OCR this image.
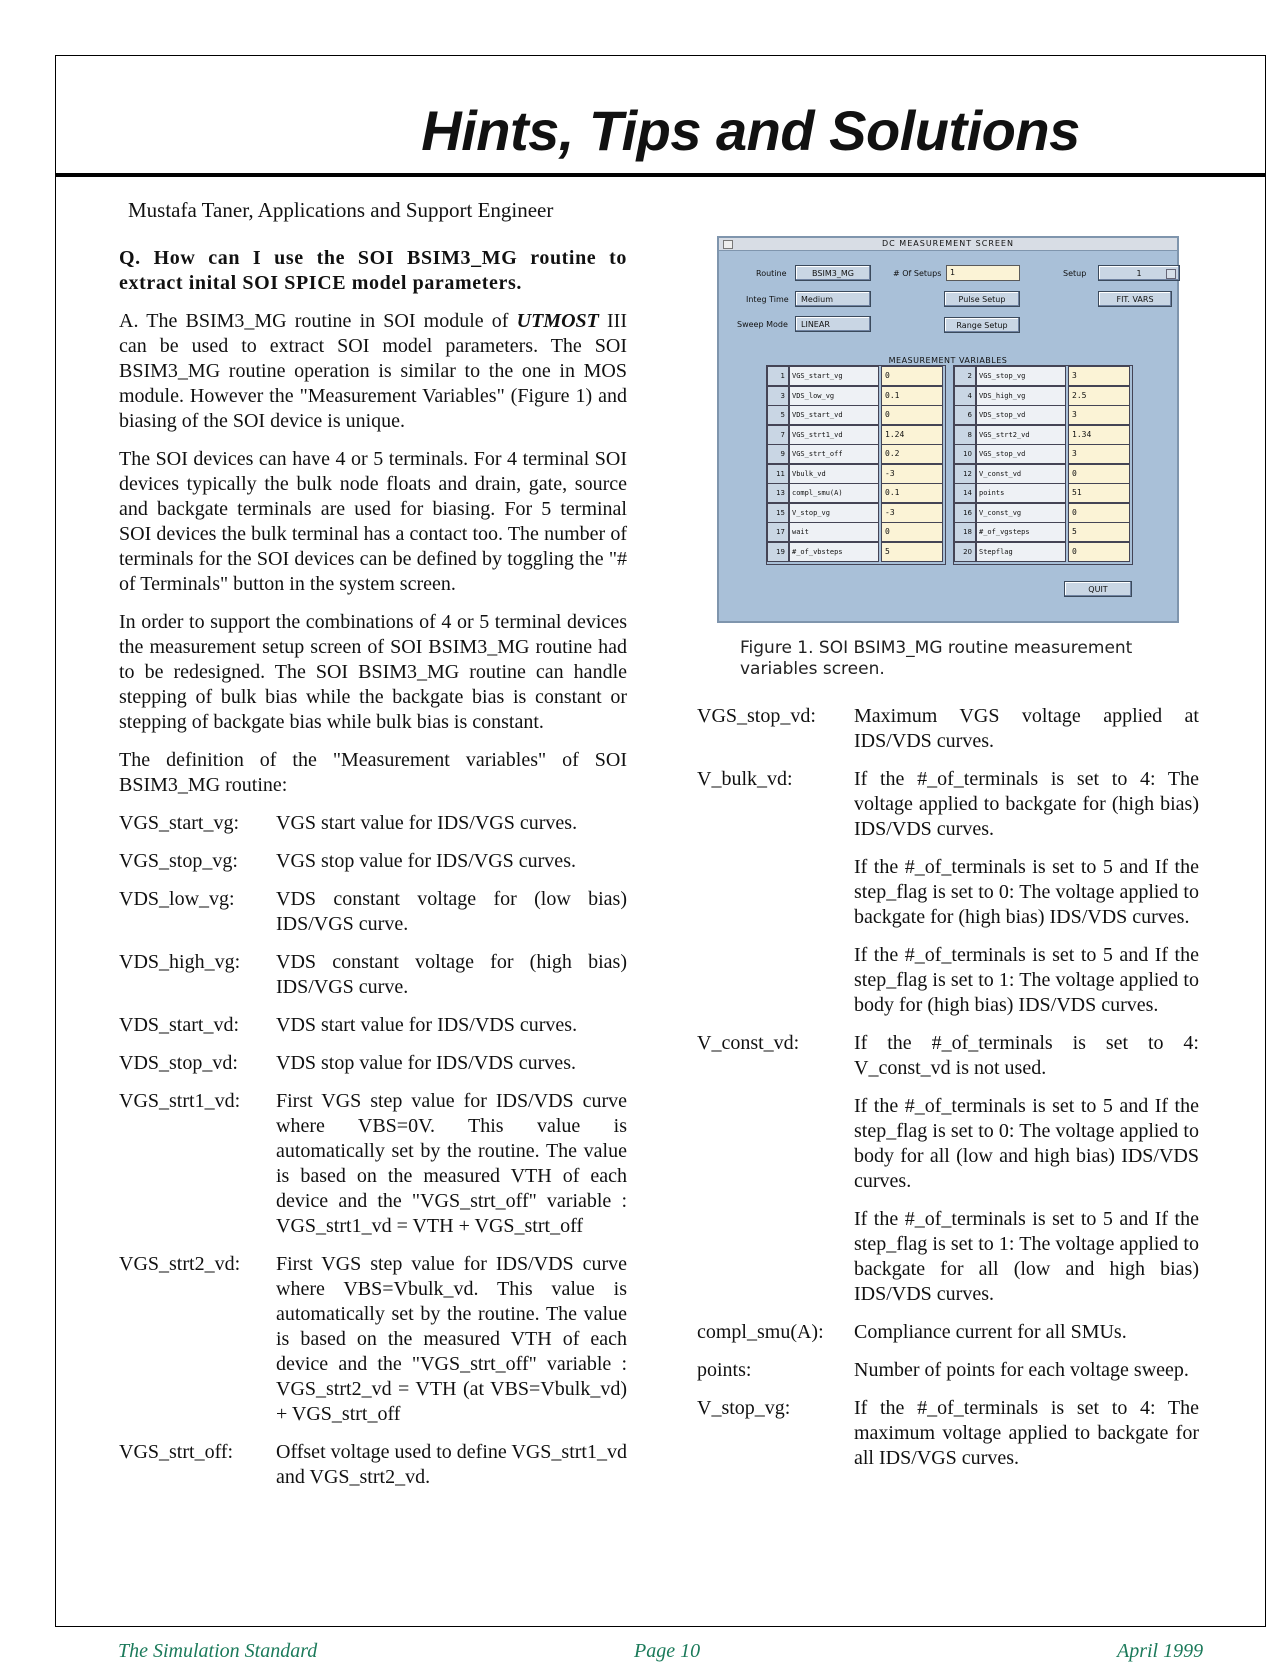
Hints, Tips and Solutions
Mustafa Taner, Applications and Support Engineer

Q. How can I use the SOI BSIM3_MG routine to extract inital SOI SPICE model parameters.

A. The BSIM3_MG routine in SOI module of UTMOST III can be used to extract SOI model parameters. The SOI BSIM3_MG routine operation is similar to the one in MOS module. However the "Measurement Variables" (Figure 1) and biasing of the SOI device is unique.

The SOI devices can have 4 or 5 terminals. For 4 terminal SOI devices typically the bulk node floats and drain, gate, source and backgate terminals are used for biasing. For 5 terminal SOI devices the bulk terminal has a contact too. The number of terminals for the SOI devices can be defined by toggling the "# of Terminals" button in the system screen.

In order to support the combinations of 4 or 5 terminal devices the measurement setup screen of SOI BSIM3_MG routine had to be redesigned. The SOI BSIM3_MG routine can handle stepping of bulk bias while the backgate bias is constant or stepping of backgate bias while bulk bias is constant.

The definition of the "Measurement variables" of SOI BSIM3_MG routine:

VGS_start_vg:	VGS start value for IDS/VGS curves.
VGS_stop_vg:	VGS stop value for IDS/VGS curves.
VDS_low_vg:	VDS constant voltage for (low bias) IDS/VGS curve.
VDS_high_vg:	VDS constant voltage for (high bias) IDS/VGS curve.
VDS_start_vd:	VDS start value for IDS/VDS curves.
VDS_stop_vd:	VDS stop value for IDS/VDS curves.
VGS_strt1_vd:	First VGS step value for IDS/VDS curve where VBS=0V. This value is automatically set by the routine. The value is based on the measured VTH of each device and the "VGS_strt_off" variable : VGS_strt1_vd = VTH + VGS_strt_off
VGS_strt2_vd:	First VGS step value for IDS/VDS curve where VBS=Vbulk_vd. This value is automatically set by the routine. The value is based on the measured VTH of each device and the "VGS_strt_off" variable : VGS_strt2_vd = VTH (at VBS=Vbulk_vd) + VGS_strt_off
VGS_strt_off:	Offset voltage used to define VGS_strt1_vd and VGS_strt2_vd.
DC MEASUREMENT SCREEN
Routine	BSIM3_MG	# Of Setups	1	Setup	1
Integ Time	Medium	Pulse Setup	FIT. VARS
Sweep Mode	LINEAR	Range Setup
MEASUREMENT VARIABLES
1	VGS_start_vg	0
3	VDS_low_vg	0.1
5	VDS_start_vd	0
7	VGS_strt1_vd	1.24
9	VGS_strt_off	0.2
11	Vbulk_vd	-3
13	compl_smu(A)	0.1
15	V_stop_vg	-3
17	wait	0
19	#_of_vbsteps	5
2	VGS_stop_vg	3
4	VDS_high_vg	2.5
6	VDS_stop_vd	3
8	VGS_strt2_vd	1.34
10	VGS_stop_vd	3
12	V_const_vd	0
14	points	51
16	V_const_vg	0
18	#_of_vgsteps	5
20	Stepflag	0
QUIT
Figure 1. SOI BSIM3_MG routine measurement variables screen.
VGS_stop_vd:	Maximum VGS voltage applied at IDS/VDS curves.
V_bulk_vd:	If the #_of_terminals is set to 4: The voltage applied to backgate for (high bias) IDS/VDS curves.
If the #_of_terminals is set to 5 and If the step_flag is set to 0: The voltage applied to backgate for (high bias) IDS/VDS curves.
If the #_of_terminals is set to 5 and If the step_flag is set to 1: The voltage applied to body for (high bias) IDS/VDS curves.
V_const_vd:	If the #_of_terminals is set to 4: V_const_vd is not used.
If the #_of_terminals is set to 5 and If the step_flag is set to 0: The voltage applied to body for all (low and high bias) IDS/VDS curves.
If the #_of_terminals is set to 5 and If the step_flag is set to 1: The voltage applied to backgate for all (low and high bias) IDS/VDS curves.
compl_smu(A):	Compliance current for all SMUs.
points:	Number of points for each voltage sweep.
V_stop_vg:	If the #_of_terminals is set to 4: The maximum voltage applied to backgate for all IDS/VGS curves.
The Simulation Standard	Page 10	April 1999
